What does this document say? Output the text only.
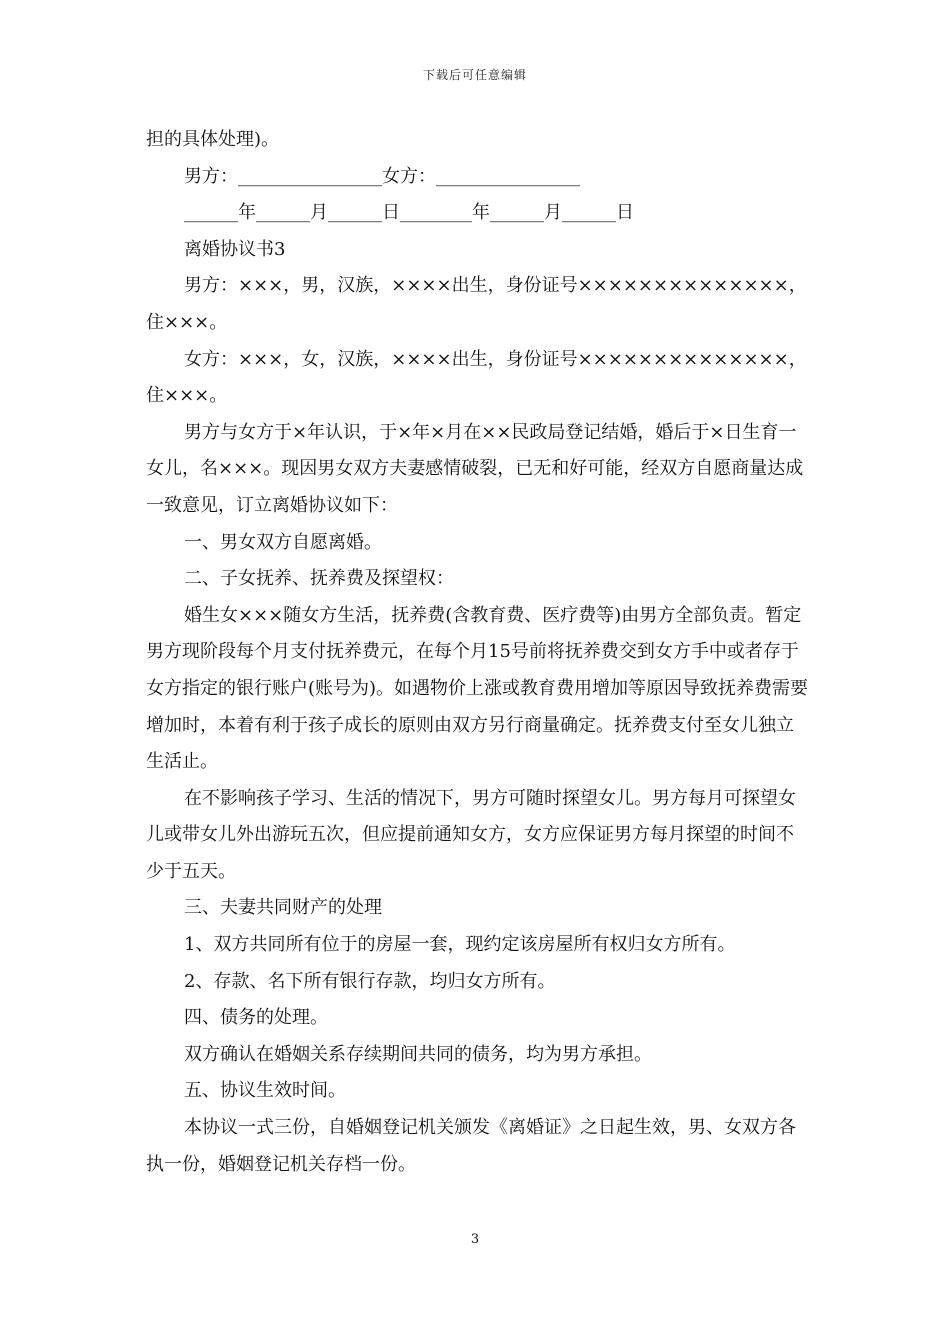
下载后可任意编辑

担的具体处理)。

男方：________________女方：________________

______年______月______日________年______月______日

离婚协议书3

男方：×××，男，汉族，××××出生，身份证号××××××××××××××，住×××。

女方：×××，女，汉族，××××出生，身份证号××××××××××××××，住×××。

男方与女方于×年认识，于×年×月在××民政局登记结婚，婚后于×日生育一女儿，名×××。现因男女双方夫妻感情破裂，已无和好可能，经双方自愿商量达成一致意见，订立离婚协议如下：

一、男女双方自愿离婚。

二、子女抚养、抚养费及探望权：

婚生女×××随女方生活，抚养费(含教育费、医疗费等)由男方全部负责。暂定男方现阶段每个月支付抚养费元，在每个月15号前将抚养费交到女方手中或者存于女方指定的银行账户(账号为)。如遇物价上涨或教育费用增加等原因导致抚养费需要增加时，本着有利于孩子成长的原则由双方另行商量确定。抚养费支付至女儿独立生活止。

在不影响孩子学习、生活的情况下，男方可随时探望女儿。男方每月可探望女儿或带女儿外出游玩五次，但应提前通知女方，女方应保证男方每月探望的时间不少于五天。

三、夫妻共同财产的处理

1、双方共同所有位于的房屋一套，现约定该房屋所有权归女方所有。

2、存款、名下所有银行存款，均归女方所有。

四、债务的处理。

双方确认在婚姻关系存续期间共同的债务，均为男方承担。

五、协议生效时间。

本协议一式三份，自婚姻登记机关颁发《离婚证》之日起生效，男、女双方各执一份，婚姻登记机关存档一份。

3
